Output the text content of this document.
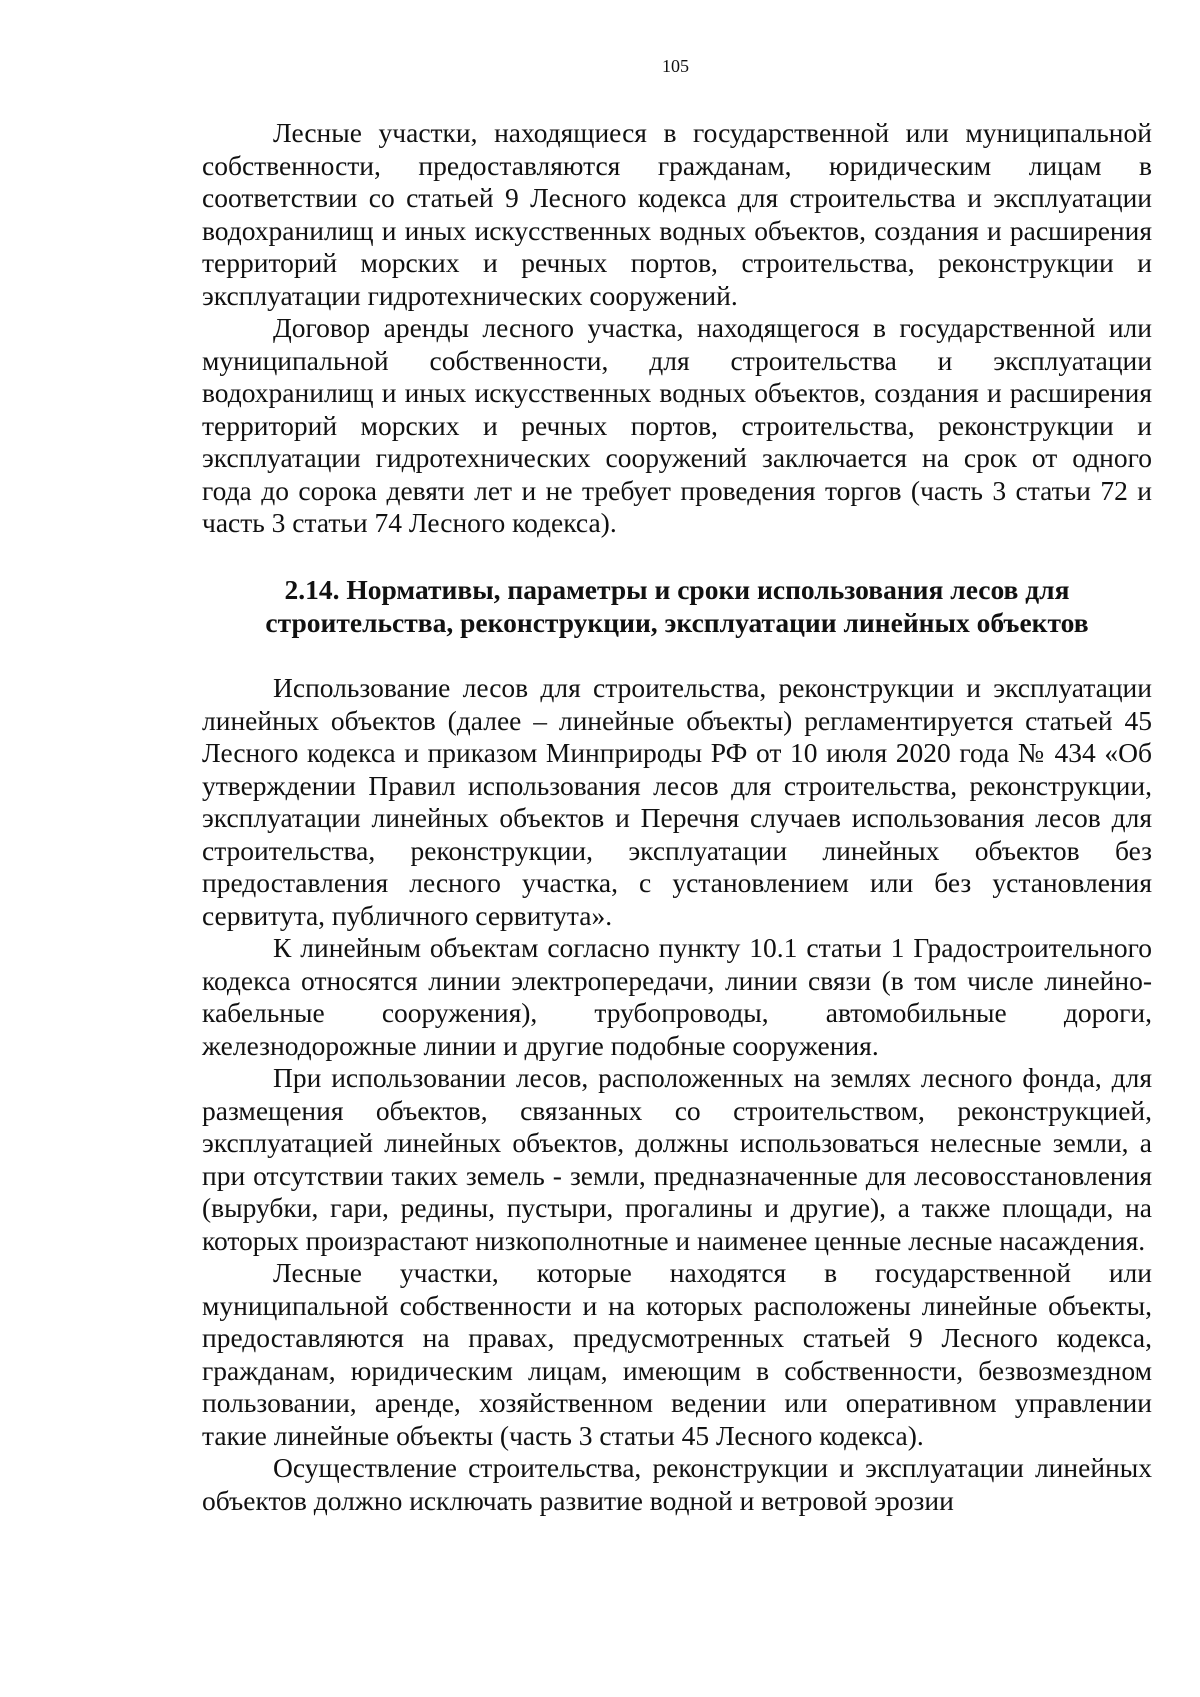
105

Лесные участки, находящиеся в государственной или муниципальной собственности, предоставляются гражданам, юридическим лицам в соответствии со статьей 9 Лесного кодекса для строительства и эксплуатации водохранилищ и иных искусственных водных объектов, создания и расширения территорий морских и речных портов, строительства, реконструкции и эксплуатации гидротехнических сооружений.

Договор аренды лесного участка, находящегося в государственной или муниципальной собственности, для строительства и эксплуатации водохранилищ и иных искусственных водных объектов, создания и расширения территорий морских и речных портов, строительства, реконструкции и эксплуатации гидротехнических сооружений заключается на срок от одного года до сорока девяти лет и не требует проведения торгов (часть 3 статьи 72 и часть 3 статьи 74 Лесного кодекса).

2.14. Нормативы, параметры и сроки использования лесов для
строительства, реконструкции, эксплуатации линейных объектов

Использование лесов для строительства, реконструкции и эксплуатации линейных объектов (далее – линейные объекты) регламентируется статьей 45 Лесного кодекса и приказом Минприроды РФ от 10 июля 2020 года № 434 «Об утверждении Правил использования лесов для строительства, реконструкции, эксплуатации линейных объектов и Перечня случаев использования лесов для строительства, реконструкции, эксплуатации линейных объектов без предоставления лесного участка, с установлением или без установления сервитута, публичного сервитута».

К линейным объектам согласно пункту 10.1 статьи 1 Градостроительного кодекса относятся линии электропередачи, линии связи (в том числе линейно-кабельные сооружения), трубопроводы, автомобильные дороги, железнодорожные линии и другие подобные сооружения.

При использовании лесов, расположенных на землях лесного фонда, для размещения объектов, связанных со строительством, реконструкцией, эксплуатацией линейных объектов, должны использоваться нелесные земли, а при отсутствии таких земель - земли, предназначенные для лесовосстановления (вырубки, гари, редины, пустыри, прогалины и другие), а также площади, на которых произрастают низкополнотные и наименее ценные лесные насаждения.

Лесные участки, которые находятся в государственной или муниципальной собственности и на которых расположены линейные объекты, предоставляются на правах, предусмотренных статьей 9 Лесного кодекса, гражданам, юридическим лицам, имеющим в собственности, безвозмездном пользовании, аренде, хозяйственном ведении или оперативном управлении такие линейные объекты (часть 3 статьи 45 Лесного кодекса).

Осуществление строительства, реконструкции и эксплуатации линейных объектов должно исключать развитие водной и ветровой эрозии
